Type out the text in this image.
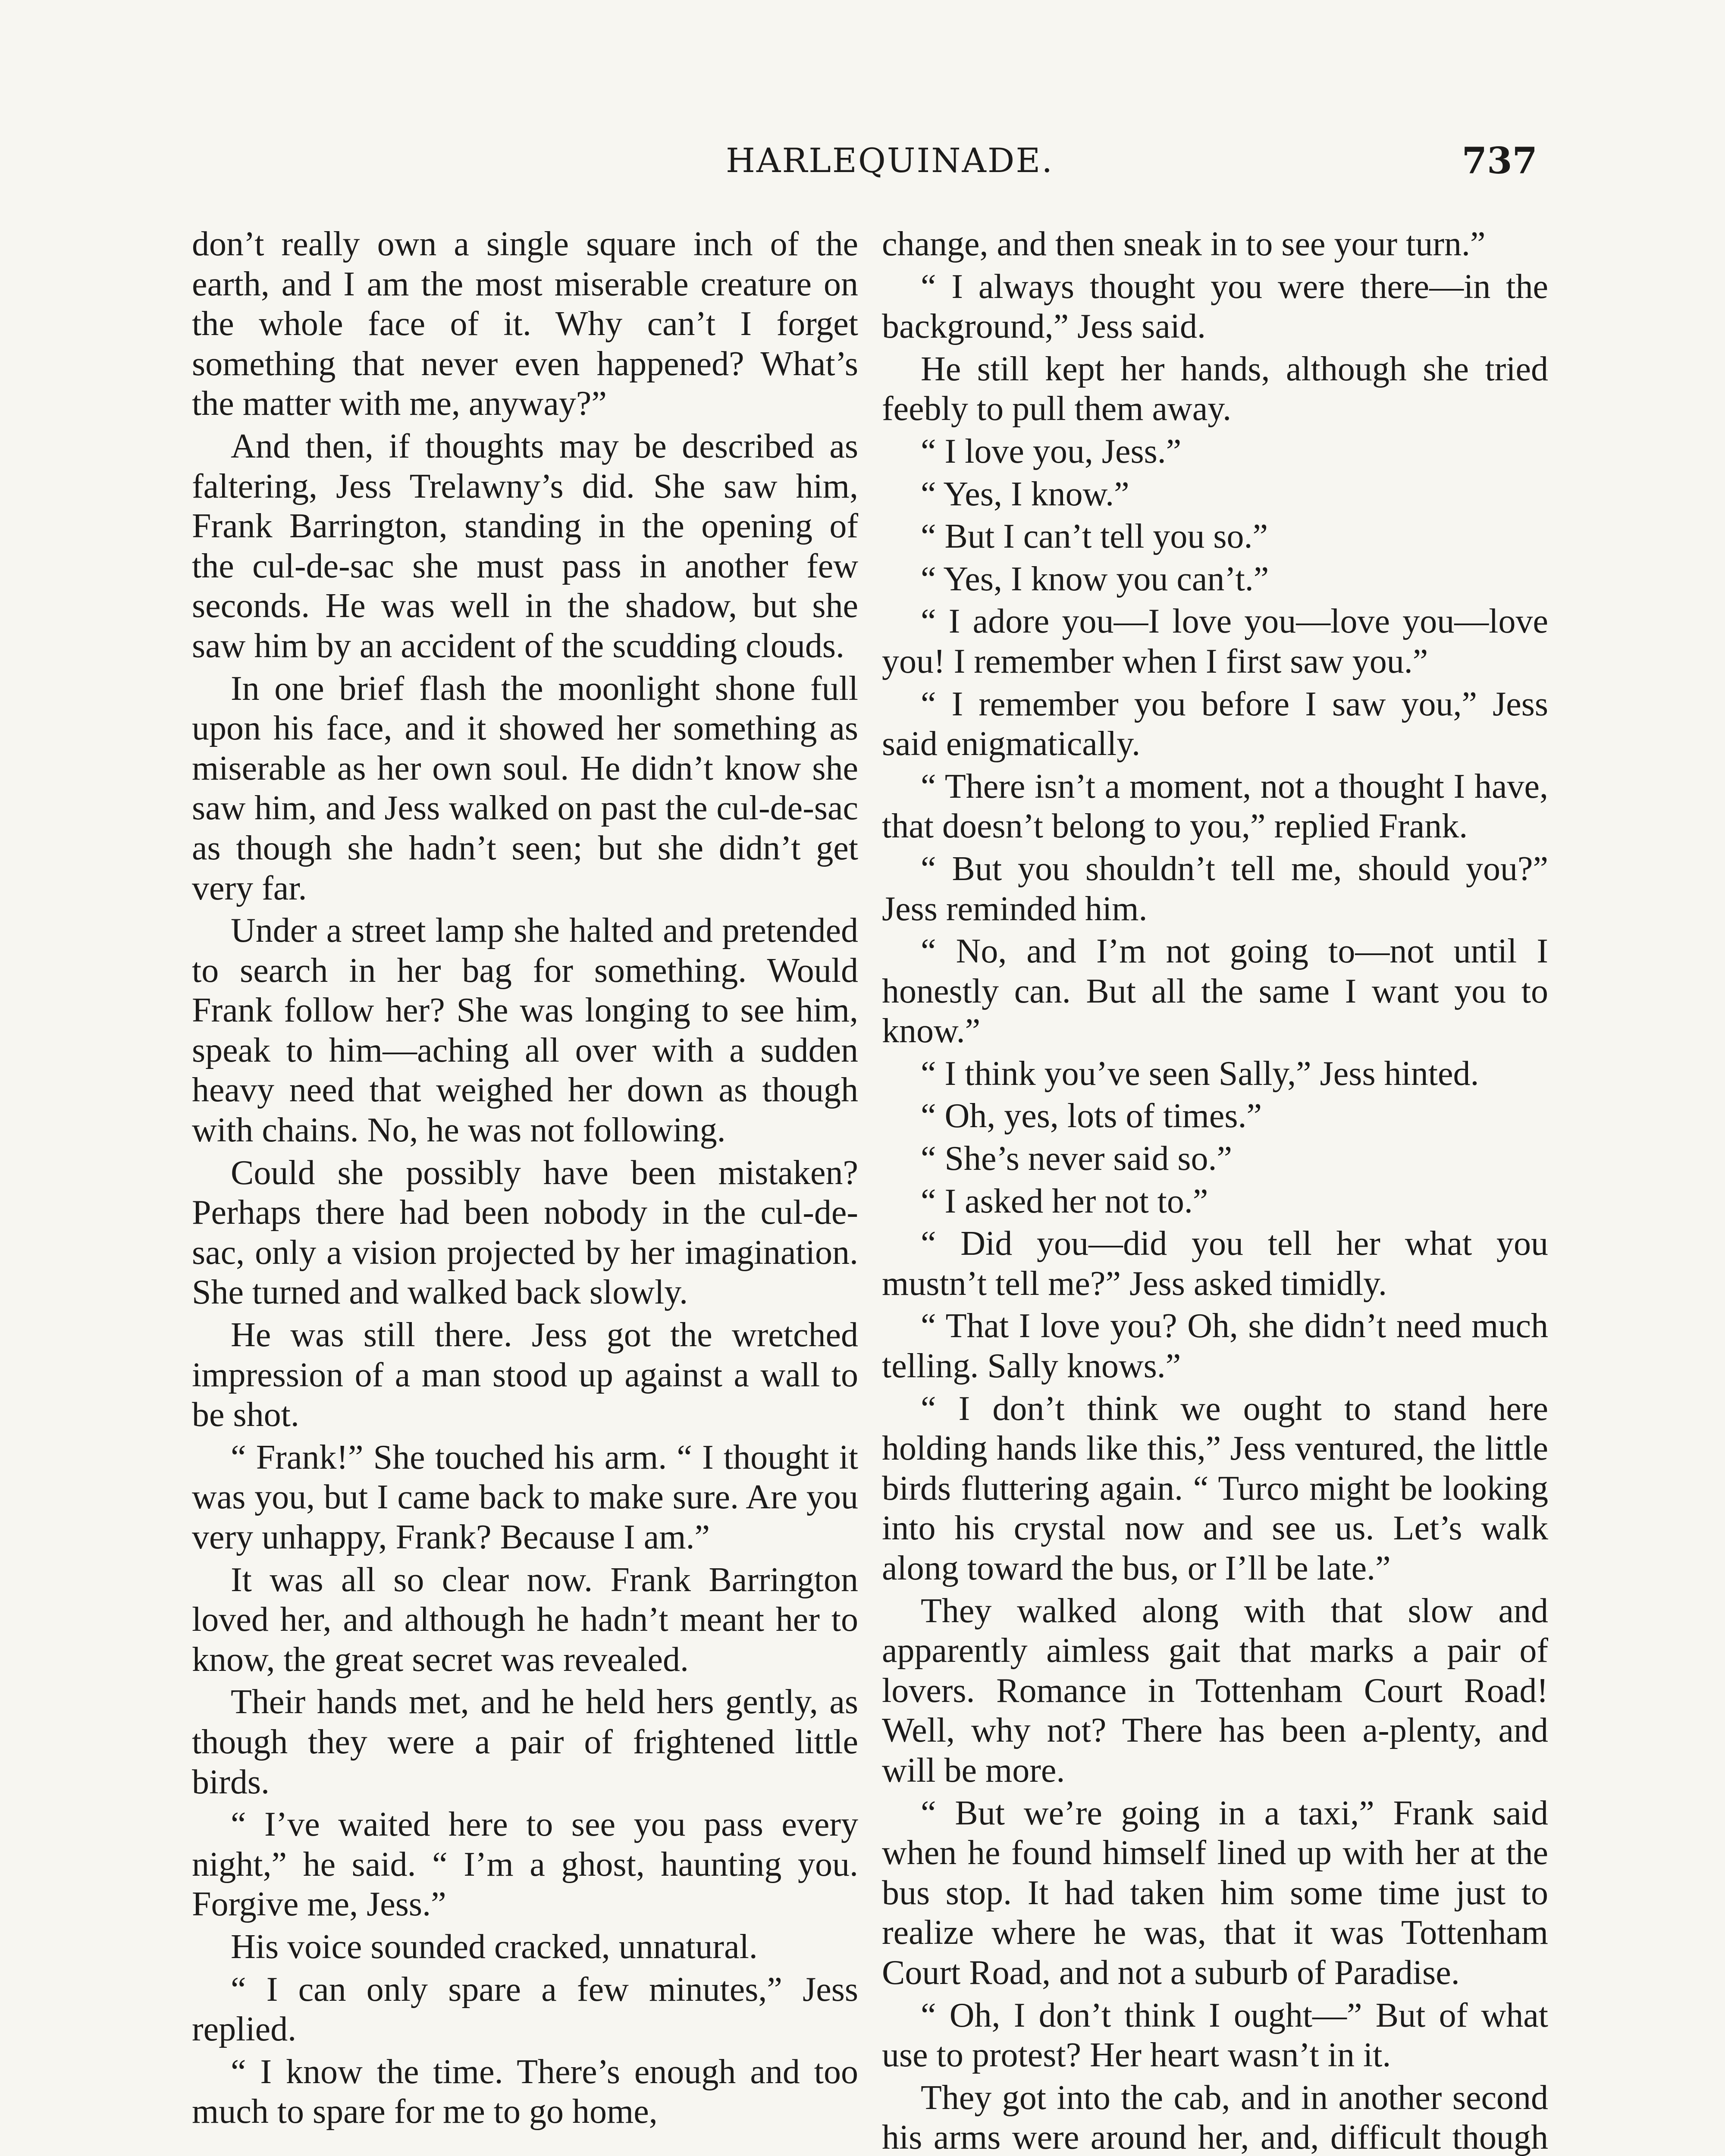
HARLEQUINADE.	737

don’t really own a single square inch of the earth, and I am the most miserable creature on the whole face of it. Why can’t I forget something that never even happened? What’s the matter with me, anyway?”

And then, if thoughts may be described as faltering, Jess Trelawny’s did. She saw him, Frank Barrington, standing in the opening of the cul-de-sac she must pass in another few seconds. He was well in the shadow, but she saw him by an accident of the scudding clouds.

In one brief flash the moonlight shone full upon his face, and it showed her something as miserable as her own soul. He didn’t know she saw him, and Jess walked on past the cul-de-sac as though she hadn’t seen; but she didn’t get very far.

Under a street lamp she halted and pretended to search in her bag for something. Would Frank follow her? She was longing to see him, speak to him—aching all over with a sudden heavy need that weighed her down as though with chains. No, he was not following.

Could she possibly have been mistaken? Perhaps there had been nobody in the cul-de-sac, only a vision projected by her imagination. She turned and walked back slowly.

He was still there. Jess got the wretched impression of a man stood up against a wall to be shot.

“ Frank!” She touched his arm. “ I thought it was you, but I came back to make sure. Are you very unhappy, Frank? Because I am.”

It was all so clear now. Frank Barrington loved her, and although he hadn’t meant her to know, the great secret was revealed.

Their hands met, and he held hers gently, as though they were a pair of frightened little birds.

“ I’ve waited here to see you pass every night,” he said. “ I’m a ghost, haunting you. Forgive me, Jess.”

His voice sounded cracked, unnatural.

“ I can only spare a few minutes,” Jess replied.

“ I know the time. There’s enough and too much to spare for me to go home,

change, and then sneak in to see your turn.”

“ I always thought you were there—in the background,” Jess said.

He still kept her hands, although she tried feebly to pull them away.

“ I love you, Jess.”

“ Yes, I know.”

“ But I can’t tell you so.”

“ Yes, I know you can’t.”

“ I adore you—I love you—love you—love you! I remember when I first saw you.”

“ I remember you before I saw you,” Jess said enigmatically.

“ There isn’t a moment, not a thought I have, that doesn’t belong to you,” replied Frank.

“ But you shouldn’t tell me, should you?” Jess reminded him.

“ No, and I’m not going to—not until I honestly can. But all the same I want you to know.”

“ I think you’ve seen Sally,” Jess hinted.

“ Oh, yes, lots of times.”

“ She’s never said so.”

“ I asked her not to.”

“ Did you—did you tell her what you mustn’t tell me?” Jess asked timidly.

“ That I love you? Oh, she didn’t need much telling. Sally knows.”

“ I don’t think we ought to stand here holding hands like this,” Jess ventured, the little birds fluttering again. “ Turco might be looking into his crystal now and see us. Let’s walk along toward the bus, or I’ll be late.”

They walked along with that slow and apparently aimless gait that marks a pair of lovers. Romance in Tottenham Court Road! Well, why not? There has been a-plenty, and will be more.

“ But we’re going in a taxi,” Frank said when he found himself lined up with her at the bus stop. It had taken him some time just to realize where he was, that it was Tottenham Court Road, and not a suburb of Paradise.

“ Oh, I don’t think I ought—” But of what use to protest? Her heart wasn’t in it.

They got into the cab, and in another second his arms were around her, and, difficult though
